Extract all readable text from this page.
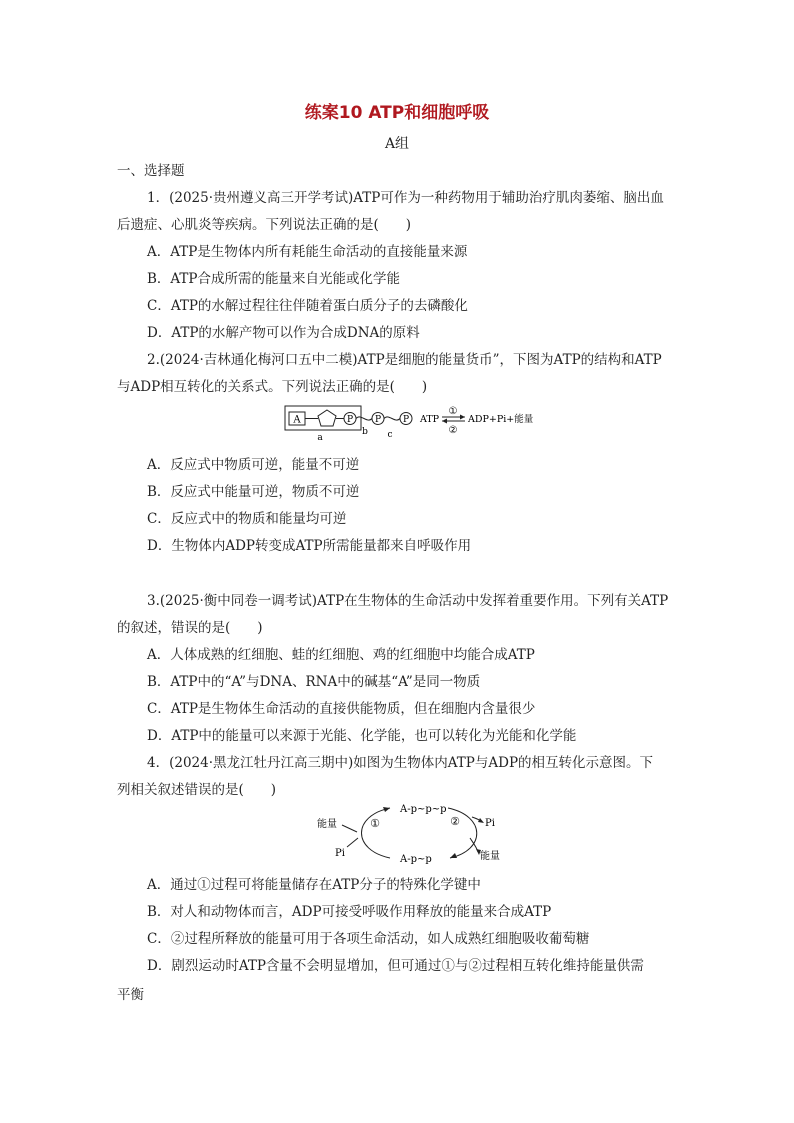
练案10 ATP和细胞呼吸
A组
一、选择题
1．(2025·贵州遵义高三开学考试)ATP可作为一种药物用于辅助治疗肌肉萎缩、脑出血
后遗症、心肌炎等疾病。下列说法正确的是(　　)
A．ATP是生物体内所有耗能生命活动的直接能量来源
B．ATP合成所需的能量来自光能或化学能
C．ATP的水解过程往往伴随着蛋白质分子的去磷酸化
D．ATP的水解产物可以作为合成DNA的原料
2.(2024·吉林通化梅河口五中二模)ATP是细胞的能量货币”，下图为ATP的结构和ATP
与ADP相互转化的关系式。下列说法正确的是(　　)
A	P P P
a
b c
ATP
①
②
ADP+Pi+能量
A．反应式中物质可逆，能量不可逆
B．反应式中能量可逆，物质不可逆
C．反应式中的物质和能量均可逆
D．生物体内ADP转变成ATP所需能量都来自呼吸作用
3.(2025·衡中同卷一调考试)ATP在生物体的生命活动中发挥着重要作用。下列有关ATP
的叙述，错误的是(　　)
A．人体成熟的红细胞、蛙的红细胞、鸡的红细胞中均能合成ATP
B．ATP中的“A”与DNA、RNA中的碱基“A”是同一物质
C．ATP是生物体生命活动的直接供能物质，但在细胞内含量很少
D．ATP中的能量可以来源于光能、化学能，也可以转化为光能和化学能
4．(2024·黑龙江牡丹江高三期中)如图为生物体内ATP与ADP的相互转化示意图。下
列相关叙述错误的是(　　)
A-p~p~p
A-p~p
①	②
能量
Pi
Pi
能量
A．通过①过程可将能量储存在ATP分子的特殊化学键中
B．对人和动物体而言，ADP可接受呼吸作用释放的能量来合成ATP
C．②过程所释放的能量可用于各项生命活动，如人成熟红细胞吸收葡萄糖
D．剧烈运动时ATP含量不会明显增加，但可通过①与②过程相互转化维持能量供需
平衡
